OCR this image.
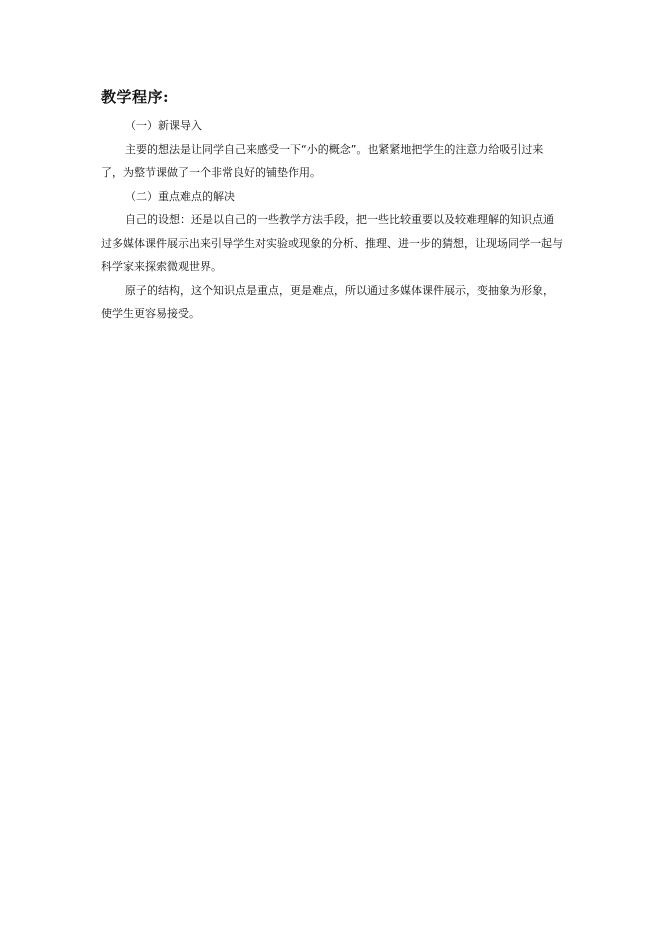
教学程序:

（一）新课导入

主要的想法是让同学自己来感受一下“小的概念”。也紧紧地把学生的注意力给吸引过来了，为整节课做了一个非常良好的铺垫作用。

（二）重点难点的解决

自己的设想：还是以自己的一些教学方法手段，把一些比较重要以及较难理解的知识点通过多媒体课件展示出来引导学生对实验或现象的分析、推理、进一步的猜想，让现场同学一起与科学家来探索微观世界。

原子的结构，这个知识点是重点，更是难点，所以通过多媒体课件展示，变抽象为形象，使学生更容易接受。
